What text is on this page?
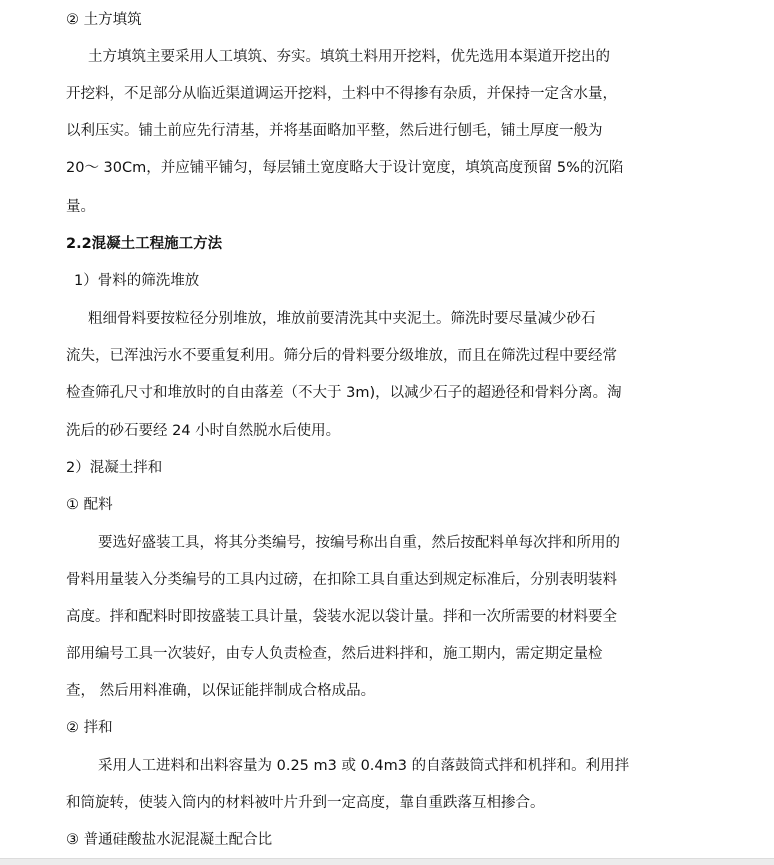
② 土方填筑
土方填筑主要采用人工填筑、夯实。填筑土料用开挖料，优先选用本渠道开挖出的
开挖料，不足部分从临近渠道调运开挖料，土料中不得掺有杂质，并保持一定含水量，
以利压实。铺土前应先行清基，并将基面略加平整，然后进行刨毛，铺土厚度一般为
20～ 30Cm，并应铺平铺匀，每层铺土宽度略大于设计宽度，填筑高度预留 5%的沉陷
量。
2.2混凝土工程施工方法
1）骨料的筛洗堆放
粗细骨料要按粒径分别堆放，堆放前要清洗其中夹泥土。筛洗时要尽量减少砂石
流失，已浑浊污水不要重复利用。筛分后的骨料要分级堆放，而且在筛洗过程中要经常
检查筛孔尺寸和堆放时的自由落差（不大于 3m)，以减少石子的超逊径和骨料分离。淘
洗后的砂石要经 24 小时自然脱水后使用。
2）混凝土拌和
① 配料
要选好盛装工具，将其分类编号，按编号称出自重，然后按配料单每次拌和所用的
骨料用量装入分类编号的工具内过磅，在扣除工具自重达到规定标准后，分别表明装料
高度。拌和配料时即按盛装工具计量，袋装水泥以袋计量。拌和一次所需要的材料要全
部用编号工具一次装好，由专人负责检查，然后进料拌和，施工期内，需定期定量检
查， 然后用料准确，以保证能拌制成合格成品。
② 拌和
采用人工进料和出料容量为 0.25 m3 或 0.4m3 的自落鼓筒式拌和机拌和。利用拌
和筒旋转，使装入筒内的材料被叶片升到一定高度，靠自重跌落互相掺合。
③ 普通硅酸盐水泥混凝土配合比
